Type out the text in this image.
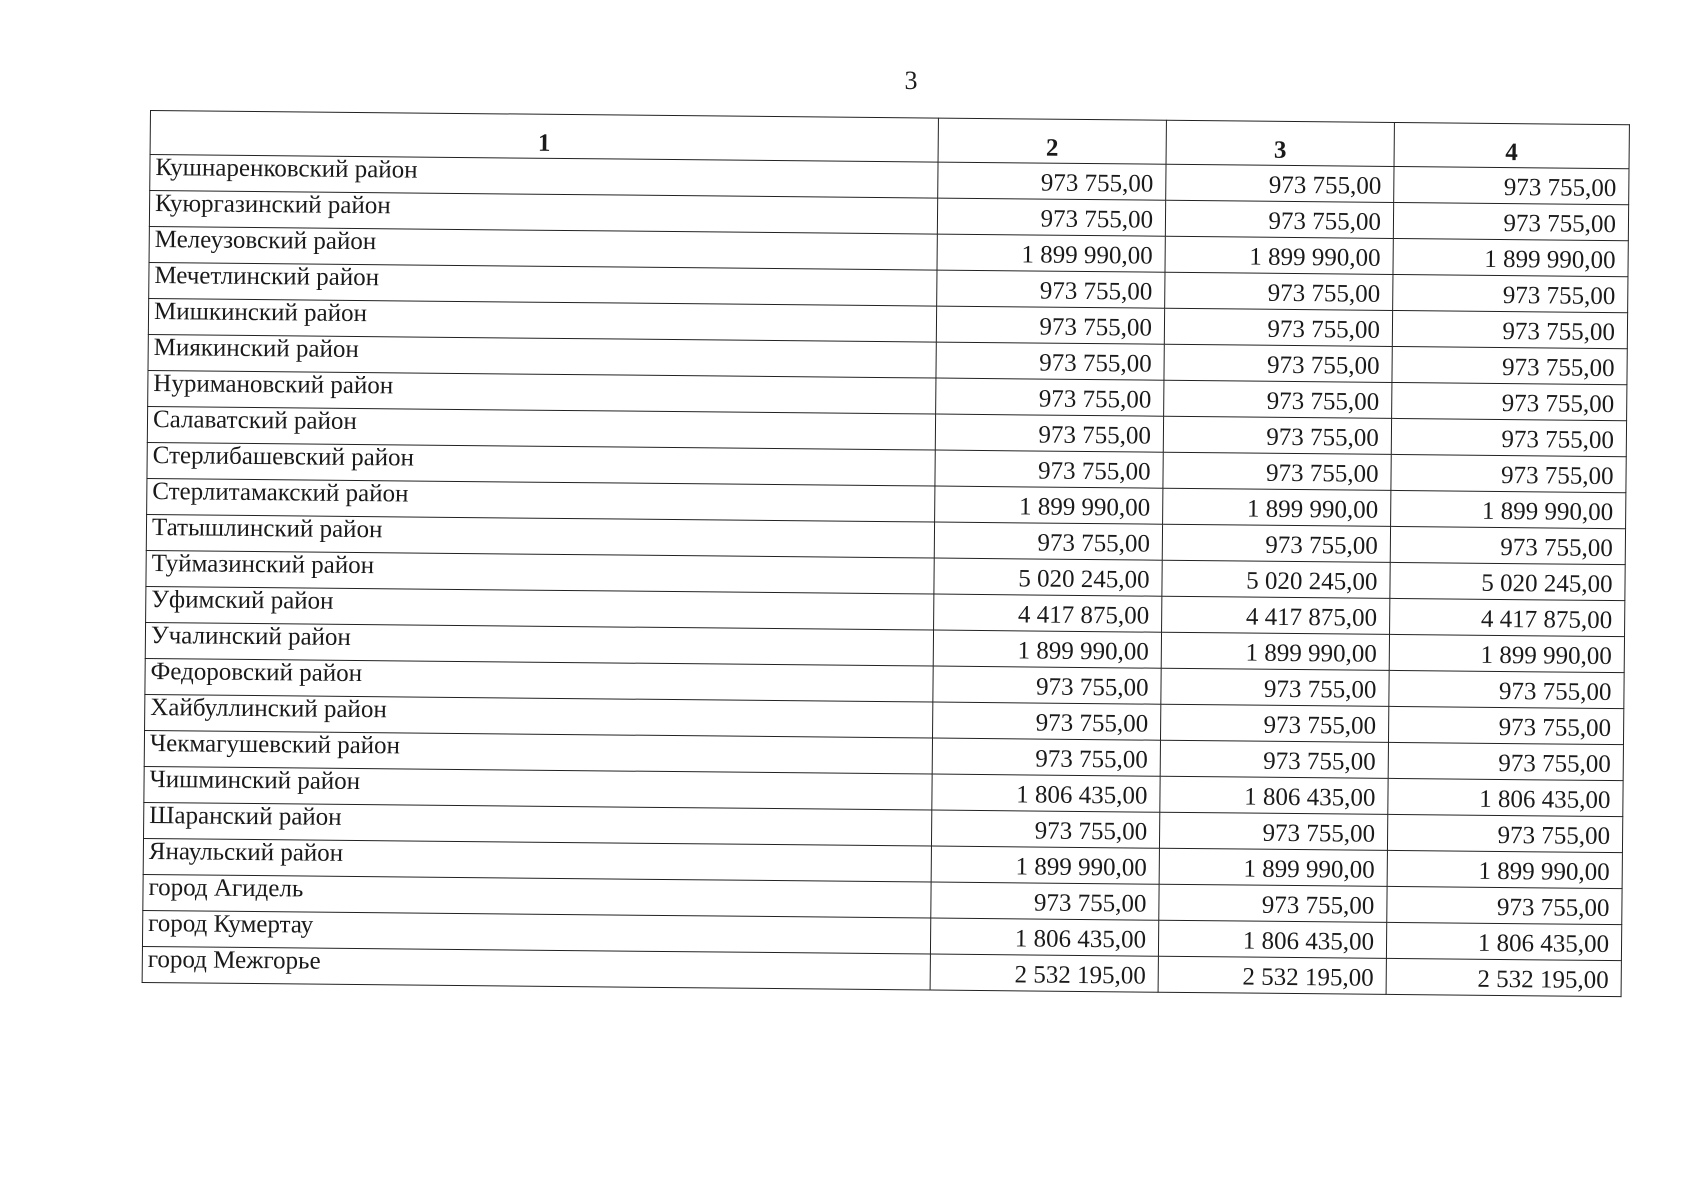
3
1	2	3	4
Кушнаренковский район	973 755,00	973 755,00	973 755,00
Куюргазинский район	973 755,00	973 755,00	973 755,00
Мелеузовский район	1 899 990,00	1 899 990,00	1 899 990,00
Мечетлинский район	973 755,00	973 755,00	973 755,00
Мишкинский район	973 755,00	973 755,00	973 755,00
Миякинский район	973 755,00	973 755,00	973 755,00
Нуримановский район	973 755,00	973 755,00	973 755,00
Салаватский район	973 755,00	973 755,00	973 755,00
Стерлибашевский район	973 755,00	973 755,00	973 755,00
Стерлитамакский район	1 899 990,00	1 899 990,00	1 899 990,00
Татышлинский район	973 755,00	973 755,00	973 755,00
Туймазинский район	5 020 245,00	5 020 245,00	5 020 245,00
Уфимский район	4 417 875,00	4 417 875,00	4 417 875,00
Учалинский район	1 899 990,00	1 899 990,00	1 899 990,00
Федоровский район	973 755,00	973 755,00	973 755,00
Хайбуллинский район	973 755,00	973 755,00	973 755,00
Чекмагушевский район	973 755,00	973 755,00	973 755,00
Чишминский район	1 806 435,00	1 806 435,00	1 806 435,00
Шаранский район	973 755,00	973 755,00	973 755,00
Янаульский район	1 899 990,00	1 899 990,00	1 899 990,00
город Агидель	973 755,00	973 755,00	973 755,00
город Кумертау	1 806 435,00	1 806 435,00	1 806 435,00
город Межгорье	2 532 195,00	2 532 195,00	2 532 195,00
